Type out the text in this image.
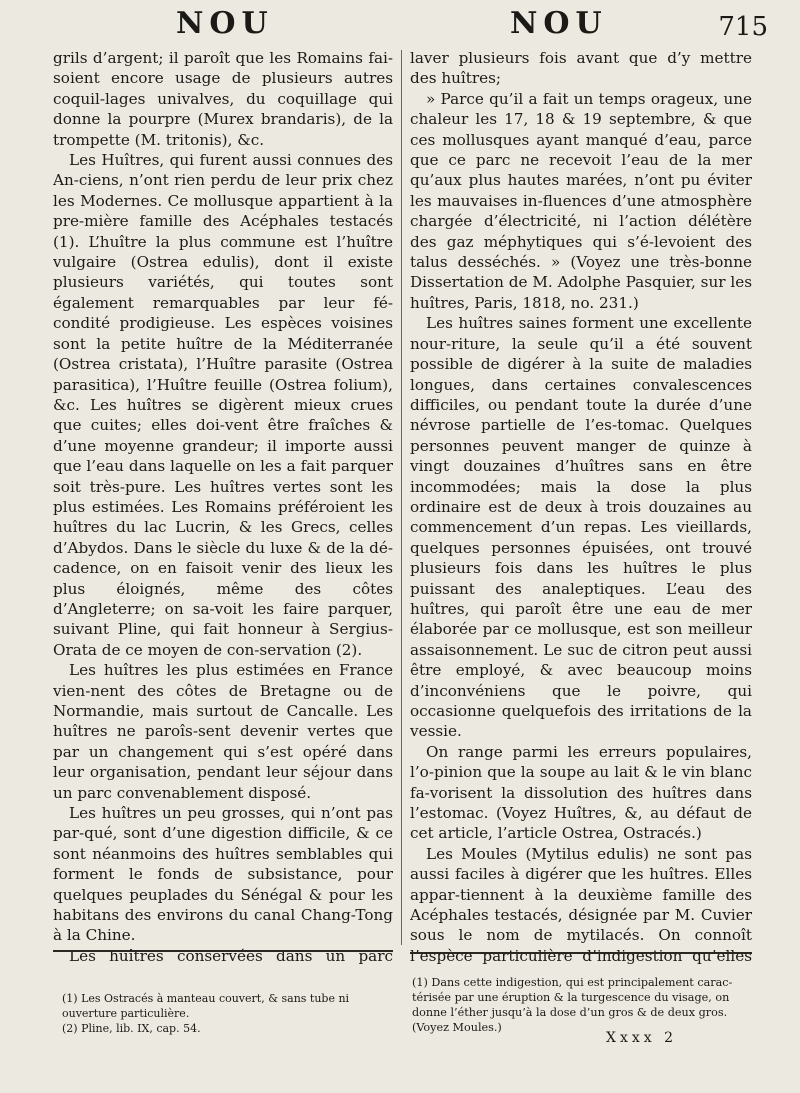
NOU	NOU	715

grils d’argent; il paroît que les Romains fai-soient encore usage de plusieurs autres coquil-lages univalves, du coquillage qui donne la pourpre (Murex brandaris), de la trompette (M. tritonis), &c.

Les Huîtres, qui furent aussi connues des An-ciens, n’ont rien perdu de leur prix chez les Modernes. Ce mollusque appartient à la pre-mière famille des Acéphales testacés (1). L’huître la plus commune est l’huître vulgaire (Ostrea edulis), dont il existe plusieurs variétés, qui toutes sont également remarquables par leur fé-condité prodigieuse. Les espèces voisines sont la petite huître de la Méditerranée (Ostrea cristata), l’Huître parasite (Ostrea parasitica), l’Huître feuille (Ostrea folium), &c. Les huîtres se digèrent mieux crues que cuites; elles doi-vent être fraîches & d’une moyenne grandeur; il importe aussi que l’eau dans laquelle on les a fait parquer soit très-pure. Les huîtres vertes sont les plus estimées. Les Romains préféroient les huîtres du lac Lucrin, & les Grecs, celles d’Abydos. Dans le siècle du luxe & de la dé-cadence, on en faisoit venir des lieux les plus éloignés, même des côtes d’Angleterre; on sa-voit les faire parquer, suivant Pline, qui fait honneur à Sergius-Orata de ce moyen de con-servation (2).

Les huîtres les plus estimées en France vien-nent des côtes de Bretagne ou de Normandie, mais surtout de Cancalle. Les huîtres ne paroîs-sent devenir vertes que par un changement qui s’est opéré dans leur organisation, pendant leur séjour dans un parc convenablement disposé.

Les huîtres un peu grosses, qui n’ont pas par-qué, sont d’une digestion difficile, & ce sont néanmoins des huîtres semblables qui forment le fonds de subsistance, pour quelques peuplades du Sénégal & pour les habitans des environs du canal Chang-Tong à la Chine.

Les huîtres conservées dans un parc

laver plusieurs fois avant que d’y mettre des huîtres;

» Parce qu’il a fait un temps orageux, une chaleur les 17, 18 & 19 septembre, & que ces mollusques ayant manqué d’eau, parce que ce parc ne recevoit l’eau de la mer qu’aux plus hautes marées, n’ont pu éviter les mauvaises in-fluences d’une atmosphère chargée d’électricité, ni l’action délétère des gaz méphytiques qui s’é-levoient des talus desséchés. » (Voyez une très-bonne Dissertation de M. Adolphe Pasquier, sur les huîtres, Paris, 1818, no. 231.)

Les huîtres saines forment une excellente nour-riture, la seule qu’il a été souvent possible de digérer à la suite de maladies longues, dans certaines convalescences difficiles, ou pendant toute la durée d’une névrose partielle de l’es-tomac. Quelques personnes peuvent manger de quinze à vingt douzaines d’huîtres sans en être incommodées; mais la dose la plus ordinaire est de deux à trois douzaines au commencement d’un repas. Les vieillards, quelques personnes épuisées, ont trouvé plusieurs fois dans les huîtres le plus puissant des analeptiques. L’eau des huîtres, qui paroît être une eau de mer élaborée par ce mollusque, est son meilleur assaisonnement. Le suc de citron peut aussi être employé, & avec beaucoup moins d’inconvéniens que le poivre, qui occasionne quelquefois des irritations de la vessie.

On range parmi les erreurs populaires, l’o-pinion que la soupe au lait & le vin blanc fa-vorisent la dissolution des huîtres dans l’estomac. (Voyez Huîtres, &, au défaut de cet article, l’article Ostrea, Ostracés.)

Les Moules (Mytilus edulis) ne sont pas aussi faciles à digérer que les huîtres. Elles appar-tiennent à la deuxième famille des Acéphales testacés, désignée par M. Cuvier sous le nom de mytilacés. On connoît l’espèce particulière d’indigestion qu’elles

(1) Les Ostracés à manteau couvert, & sans tube ni ouverture particulière.
(2) Pline, lib. IX, cap. 54.
(1) Dans cette indigestion, qui est principalement carac-térisée par une éruption & la turgescence du visage, on donne l’éther jusqu’à la dose d’un gros & de deux gros. (Voyez Moules.)
Xxxx 2
